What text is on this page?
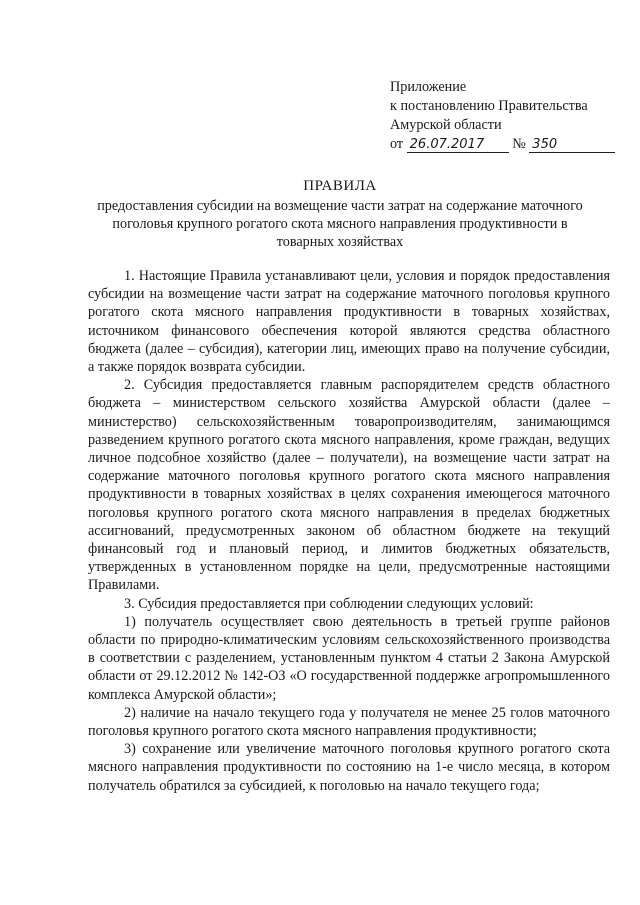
Приложение
к постановлению Правительства
Амурской области
от 26.07.2017 № 350
ПРАВИЛА
предоставления субсидии на возмещение части затрат на содержание маточного поголовья крупного рогатого скота мясного направления продуктивности в товарных хозяйствах

1. Настоящие Правила устанавливают цели, условия и порядок предоставления субсидии на возмещение части затрат на содержание маточного поголовья крупного рогатого скота мясного направления продуктивности в товарных хозяйствах, источником финансового обеспечения которой являются средства областного бюджета (далее – субсидия), категории лиц, имеющих право на получение субсидии, а также порядок возврата субсидии.

2. Субсидия предоставляется главным распорядителем средств областного бюджета – министерством сельского хозяйства Амурской области (далее – министерство) сельскохозяйственным товаропроизводителям, занимающимся разведением крупного рогатого скота мясного направления, кроме граждан, ведущих личное подсобное хозяйство (далее – получатели), на возмещение части затрат на содержание маточного поголовья крупного рогатого скота мясного направления продуктивности в товарных хозяйствах в целях сохранения имеющегося маточного поголовья крупного рогатого скота мясного направления в пределах бюджетных ассигнований, предусмотренных законом об областном бюджете на текущий финансовый год и плановый период, и лимитов бюджетных обязательств, утвержденных в установленном порядке на цели, предусмотренные настоящими Правилами.

3. Субсидия предоставляется при соблюдении следующих условий:

1) получатель осуществляет свою деятельность в третьей группе районов области по природно-климатическим условиям сельскохозяйственного производства в соответствии с разделением, установленным пунктом 4 статьи 2 Закона Амурской области от 29.12.2012 № 142-ОЗ «О государственной поддержке агропромышленного комплекса Амурской области»;

2) наличие на начало текущего года у получателя не менее 25 голов маточного поголовья крупного рогатого скота мясного направления продуктивности;

3) сохранение или увеличение маточного поголовья крупного рогатого скота мясного направления продуктивности по состоянию на 1-е число месяца, в котором получатель обратился за субсидией, к поголовью на начало текущего года;
